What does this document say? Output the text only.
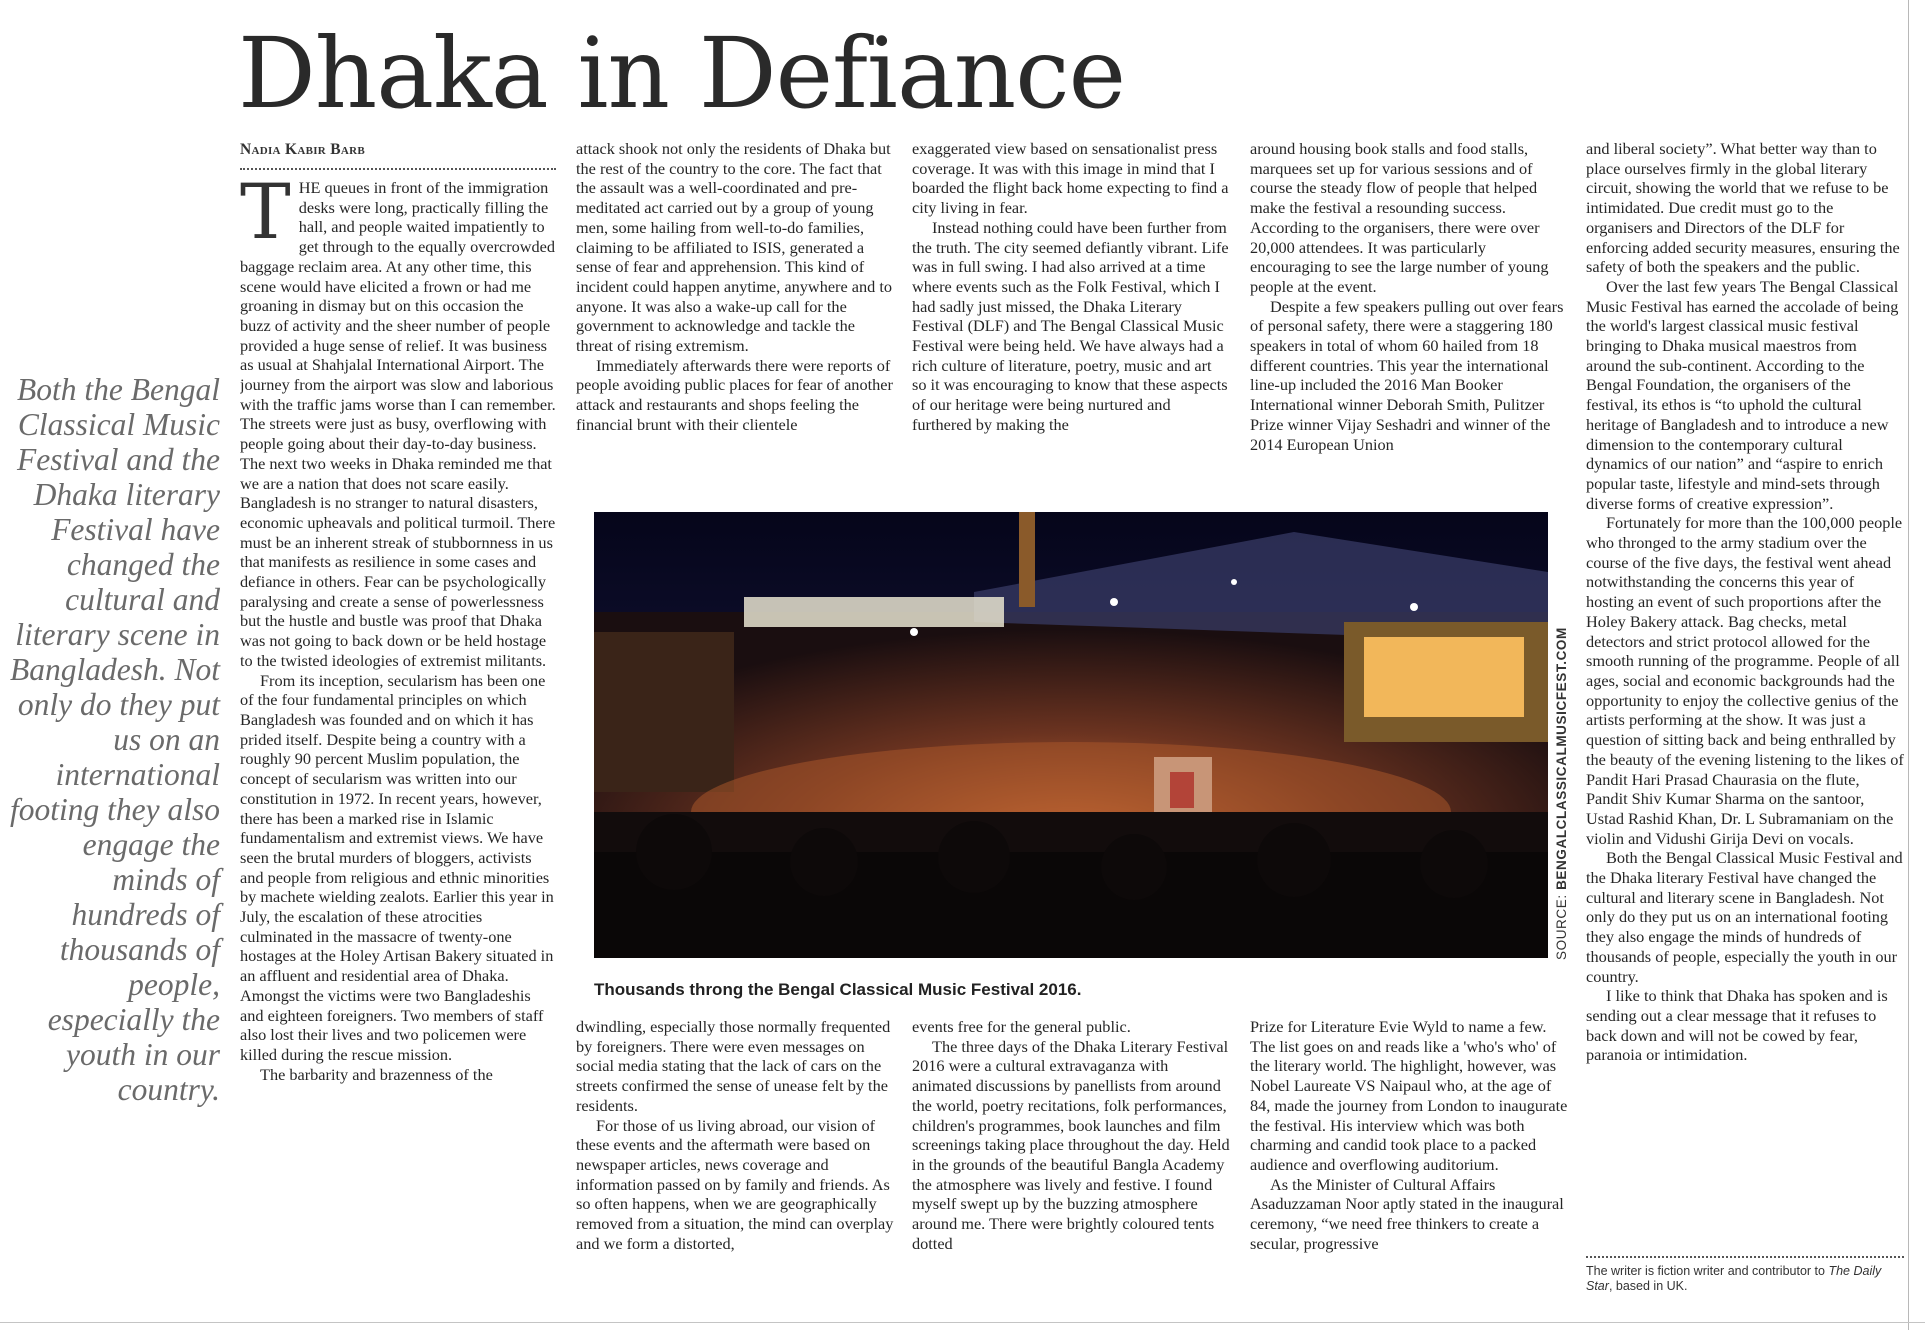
Dhaka in Defiance
Both the Bengal Classical Music Festival and the Dhaka literary Festival have changed the cultural and literary scene in Bangladesh. Not only do they put us on an international footing they also engage the minds of hundreds of thousands of people, especially the youth in our country.
Nadia Kabir Barb

THE queues in front of the immigration desks were long, practically filling the hall, and people waited impatiently to get through to the equally overcrowded baggage reclaim area. At any other time, this scene would have elicited a frown or had me groaning in dismay but on this occasion the buzz of activity and the sheer number of people provided a huge sense of relief. It was business as usual at Shahjalal International Airport. The journey from the airport was slow and laborious with the traffic jams worse than I can remember. The streets were just as busy, overflowing with people going about their day-to-day business. The next two weeks in Dhaka reminded me that we are a nation that does not scare easily. Bangladesh is no stranger to natural disasters, economic upheavals and political turmoil. There must be an inherent streak of stubbornness in us that manifests as resilience in some cases and defiance in others. Fear can be psychologically paralysing and create a sense of powerlessness but the hustle and bustle was proof that Dhaka was not going to back down or be held hostage to the twisted ideologies of extremist militants.

From its inception, secularism has been one of the four fundamental principles on which Bangladesh was founded and on which it has prided itself. Despite being a country with a roughly 90 percent Muslim population, the concept of secularism was written into our constitution in 1972. In recent years, however, there has been a marked rise in Islamic fundamentalism and extremist views. We have seen the brutal murders of bloggers, activists and people from religious and ethnic minorities by machete wielding zealots. Earlier this year in July, the escalation of these atrocities culminated in the massacre of twenty-one hostages at the Holey Artisan Bakery situated in an affluent and residential area of Dhaka. Amongst the victims were two Bangladeshis and eighteen foreigners. Two members of staff also lost their lives and two policemen were killed during the rescue mission.

The barbarity and brazenness of the

attack shook not only the residents of Dhaka but the rest of the country to the core. The fact that the assault was a well-coordinated and pre-meditated act carried out by a group of young men, some hailing from well-to-do families, claiming to be affiliated to ISIS, generated a sense of fear and apprehension. This kind of incident could happen anytime, anywhere and to anyone. It was also a wake-up call for the government to acknowledge and tackle the threat of rising extremism.

Immediately afterwards there were reports of people avoiding public places for fear of another attack and restaurants and shops feeling the financial brunt with their clientele

exaggerated view based on sensationalist press coverage. It was with this image in mind that I boarded the flight back home expecting to find a city living in fear.

Instead nothing could have been further from the truth. The city seemed defiantly vibrant. Life was in full swing. I had also arrived at a time where events such as the Folk Festival, which I had sadly just missed, the Dhaka Literary Festival (DLF) and The Bengal Classical Music Festival were being held. We have always had a rich culture of literature, poetry, music and art so it was encouraging to know that these aspects of our heritage were being nurtured and furthered by making the

around housing book stalls and food stalls, marquees set up for various sessions and of course the steady flow of people that helped make the festival a resounding success. According to the organisers, there were over 20,000 attendees. It was particularly encouraging to see the large number of young people at the event.

Despite a few speakers pulling out over fears of personal safety, there were a staggering 180 speakers in total of whom 60 hailed from 18 different countries. This year the international line-up included the 2016 Man Booker International winner Deborah Smith, Pulitzer Prize winner Vijay Seshadri and winner of the 2014 European Union

SOURCE: BENGALCLASSICALMUSICFEST.COM
Thousands throng the Bengal Classical Music Festival 2016.

dwindling, especially those normally frequented by foreigners. There were even messages on social media stating that the lack of cars on the streets confirmed the sense of unease felt by the residents.

For those of us living abroad, our vision of these events and the aftermath were based on newspaper articles, news coverage and information passed on by family and friends. As so often happens, when we are geographically removed from a situation, the mind can overplay and we form a distorted,

events free for the general public.

The three days of the Dhaka Literary Festival 2016 were a cultural extravaganza with animated discussions by panellists from around the world, poetry recitations, folk performances, children's programmes, book launches and film screenings taking place throughout the day. Held in the grounds of the beautiful Bangla Academy the atmosphere was lively and festive. I found myself swept up by the buzzing atmosphere around me. There were brightly coloured tents dotted

Prize for Literature Evie Wyld to name a few. The list goes on and reads like a 'who's who' of the literary world. The highlight, however, was Nobel Laureate VS Naipaul who, at the age of 84, made the journey from London to inaugurate the festival. His interview which was both charming and candid took place to a packed audience and overflowing auditorium.

As the Minister of Cultural Affairs Asaduzzaman Noor aptly stated in the inaugural ceremony, “we need free thinkers to create a secular, progressive

and liberal society”. What better way than to place ourselves firmly in the global literary circuit, showing the world that we refuse to be intimidated. Due credit must go to the organisers and Directors of the DLF for enforcing added security measures, ensuring the safety of both the speakers and the public.

Over the last few years The Bengal Classical Music Festival has earned the accolade of being the world's largest classical music festival bringing to Dhaka musical maestros from around the sub-continent. According to the Bengal Foundation, the organisers of the festival, its ethos is “to uphold the cultural heritage of Bangladesh and to introduce a new dimension to the contemporary cultural dynamics of our nation” and “aspire to enrich popular taste, lifestyle and mind-sets through diverse forms of creative expression”.

Fortunately for more than the 100,000 people who thronged to the army stadium over the course of the five days, the festival went ahead notwithstanding the concerns this year of hosting an event of such proportions after the Holey Bakery attack. Bag checks, metal detectors and strict protocol allowed for the smooth running of the programme. People of all ages, social and economic backgrounds had the opportunity to enjoy the collective genius of the artists performing at the show. It was just a question of sitting back and being enthralled by the beauty of the evening listening to the likes of Pandit Hari Prasad Chaurasia on the flute, Pandit Shiv Kumar Sharma on the santoor, Ustad Rashid Khan, Dr. L Subramaniam on the violin and Vidushi Girija Devi on vocals.

Both the Bengal Classical Music Festival and the Dhaka literary Festival have changed the cultural and literary scene in Bangladesh. Not only do they put us on an international footing they also engage the minds of hundreds of thousands of people, especially the youth in our country.

I like to think that Dhaka has spoken and is sending out a clear message that it refuses to back down and will not be cowed by fear, paranoia or intimidation.

The writer is fiction writer and contributor to The Daily Star, based in UK.
